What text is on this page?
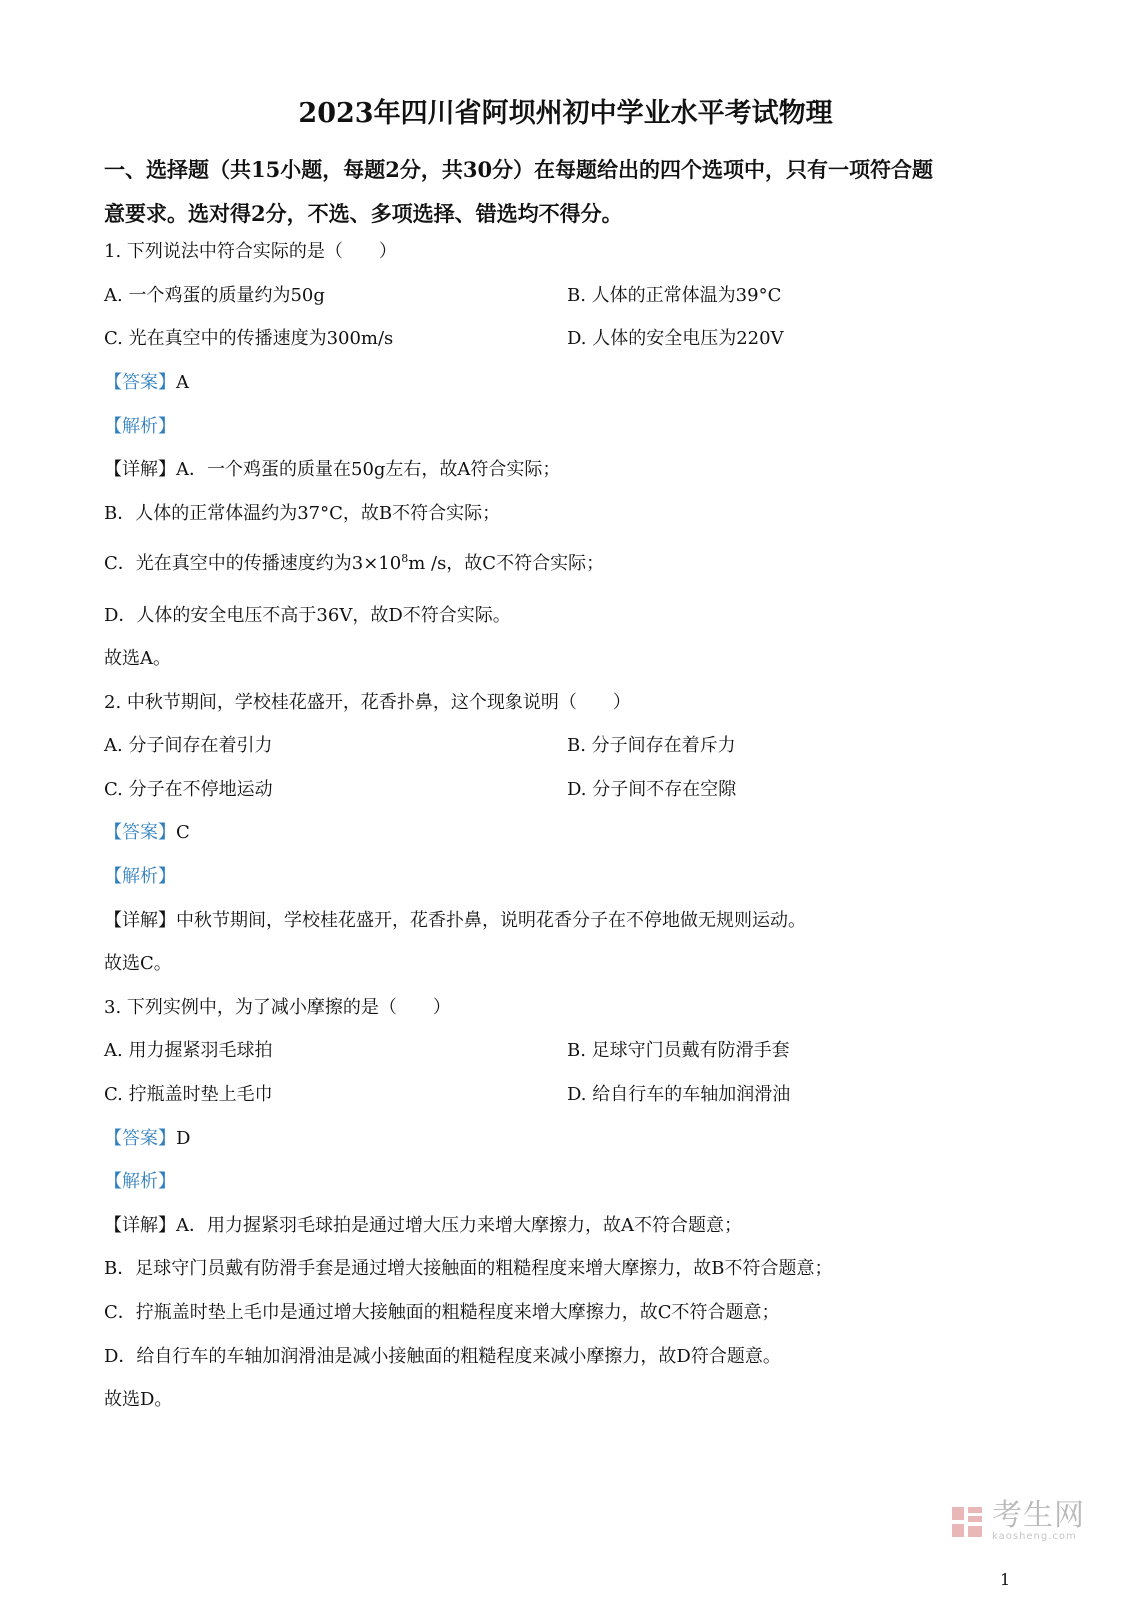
2023年四川省阿坝州初中学业水平考试物理
一、选择题（共15小题，每题2分，共30分）在每题给出的四个选项中，只有一项符合题
意要求。选对得2分，不选、多项选择、错选均不得分。
1. 下列说法中符合实际的是（　　）
A. 一个鸡蛋的质量约为50g	B. 人体的正常体温为39°C
C. 光在真空中的传播速度为300m/s	D. 人体的安全电压为220V
【答案】A
【解析】
【详解】A．一个鸡蛋的质量在50g左右，故A符合实际；
B．人体的正常体温约为37°C，故B不符合实际；
C．光在真空中的传播速度约为$3\times 10^8m$ /s，故C不符合实际；
D．人体的安全电压不高于36V，故D不符合实际。
故选A。
2. 中秋节期间，学校桂花盛开，花香扑鼻，这个现象说明（　　）
A. 分子间存在着引力	B. 分子间存在着斥力
C. 分子在不停地运动	D. 分子间不存在空隙
【答案】C
【解析】
【详解】中秋节期间，学校桂花盛开，花香扑鼻，说明花香分子在不停地做无规则运动。
故选C。
3. 下列实例中，为了减小摩擦的是（　　）
A. 用力握紧羽毛球拍	B. 足球守门员戴有防滑手套
C. 拧瓶盖时垫上毛巾	D. 给自行车的车轴加润滑油
【答案】D
【解析】
【详解】A．用力握紧羽毛球拍是通过增大压力来增大摩擦力，故A不符合题意；
B．足球守门员戴有防滑手套是通过增大接触面的粗糙程度来增大摩擦力，故B不符合题意；
C．拧瓶盖时垫上毛巾是通过增大接触面的粗糙程度来增大摩擦力，故C不符合题意；
D．给自行车的车轴加润滑油是减小接触面的粗糙程度来减小摩擦力，故D符合题意。
故选D。
考生网
kaosheng.com
1
